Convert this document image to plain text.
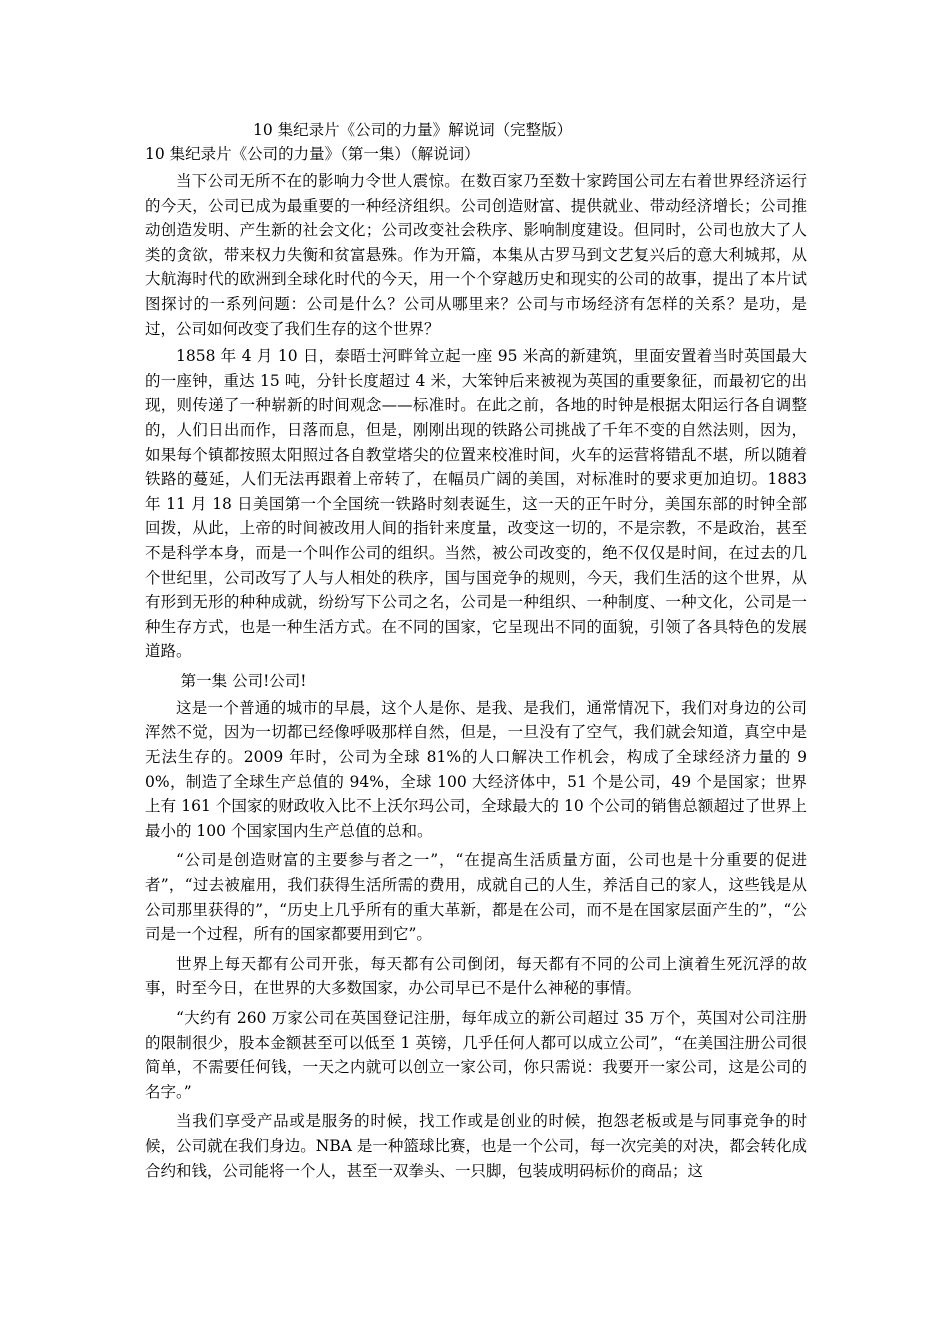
10 集纪录片《公司的力量》解说词（完整版）
10 集纪录片《公司的力量》（第一集）（解说词）

当下公司无所不在的影响力令世人震惊。在数百家乃至数十家跨国公司左右着世界经济运行的今天，公司已成为最重要的一种经济组织。公司创造财富、提供就业、带动经济增长；公司推动创造发明、产生新的社会文化；公司改变社会秩序、影响制度建设。但同时，公司也放大了人类的贪欲，带来权力失衡和贫富悬殊。作为开篇，本集从古罗马到文艺复兴后的意大利城邦，从大航海时代的欧洲到全球化时代的今天，用一个个穿越历史和现实的公司的故事，提出了本片试图探讨的一系列问题：公司是什么？公司从哪里来？公司与市场经济有怎样的关系？是功，是过，公司如何改变了我们生存的这个世界？

1858 年 4 月 10 日，泰晤士河畔耸立起一座 95 米高的新建筑，里面安置着当时英国最大的一座钟，重达 15 吨，分针长度超过 4 米，大笨钟后来被视为英国的重要象征，而最初它的出现，则传递了一种崭新的时间观念——标准时。在此之前，各地的时钟是根据太阳运行各自调整的，人们日出而作，日落而息，但是，刚刚出现的铁路公司挑战了千年不变的自然法则，因为，如果每个镇都按照太阳照过各自教堂塔尖的位置来校准时间，火车的运营将错乱不堪，所以随着铁路的蔓延，人们无法再跟着上帝转了，在幅员广阔的美国，对标准时的要求更加迫切。1883 年 11 月 18 日美国第一个全国统一铁路时刻表诞生，这一天的正午时分，美国东部的时钟全部回拨，从此，上帝的时间被改用人间的指针来度量，改变这一切的，不是宗教，不是政治，甚至不是科学本身，而是一个叫作公司的组织。当然，被公司改变的，绝不仅仅是时间，在过去的几个世纪里，公司改写了人与人相处的秩序，国与国竞争的规则，今天，我们生活的这个世界，从有形到无形的种种成就，纷纷写下公司之名，公司是一种组织、一种制度、一种文化，公司是一种生存方式，也是一种生活方式。在不同的国家，它呈现出不同的面貌，引领了各具特色的发展道路。

第一集 公司!公司!

这是一个普通的城市的早晨，这个人是你、是我、是我们，通常情况下，我们对身边的公司浑然不觉，因为一切都已经像呼吸那样自然，但是，一旦没有了空气，我们就会知道，真空中是无法生存的。2009 年时，公司为全球 81%的人口解决工作机会，构成了全球经济力量的 90%，制造了全球生产总值的 94%，全球 100 大经济体中，51 个是公司，49 个是国家；世界上有 161 个国家的财政收入比不上沃尔玛公司，全球最大的 10 个公司的销售总额超过了世界上最小的 100 个国家国内生产总值的总和。

“公司是创造财富的主要参与者之一”，“在提高生活质量方面，公司也是十分重要的促进者”，“过去被雇用，我们获得生活所需的费用，成就自己的人生，养活自己的家人，这些钱是从公司那里获得的”，“历史上几乎所有的重大革新，都是在公司，而不是在国家层面产生的”，“公司是一个过程，所有的国家都要用到它”。

世界上每天都有公司开张，每天都有公司倒闭，每天都有不同的公司上演着生死沉浮的故事，时至今日，在世界的大多数国家，办公司早已不是什么神秘的事情。

“大约有 260 万家公司在英国登记注册，每年成立的新公司超过 35 万个，英国对公司注册的限制很少，股本金额甚至可以低至 1 英镑，几乎任何人都可以成立公司”，“在美国注册公司很简单，不需要任何钱，一天之内就可以创立一家公司，你只需说：我要开一家公司，这是公司的名字。”

当我们享受产品或是服务的时候，找工作或是创业的时候，抱怨老板或是与同事竞争的时候，公司就在我们身边。NBA 是一种篮球比赛，也是一个公司，每一次完美的对决，都会转化成合约和钱，公司能将一个人，甚至一双拳头、一只脚，包装成明码标价的商品；这
